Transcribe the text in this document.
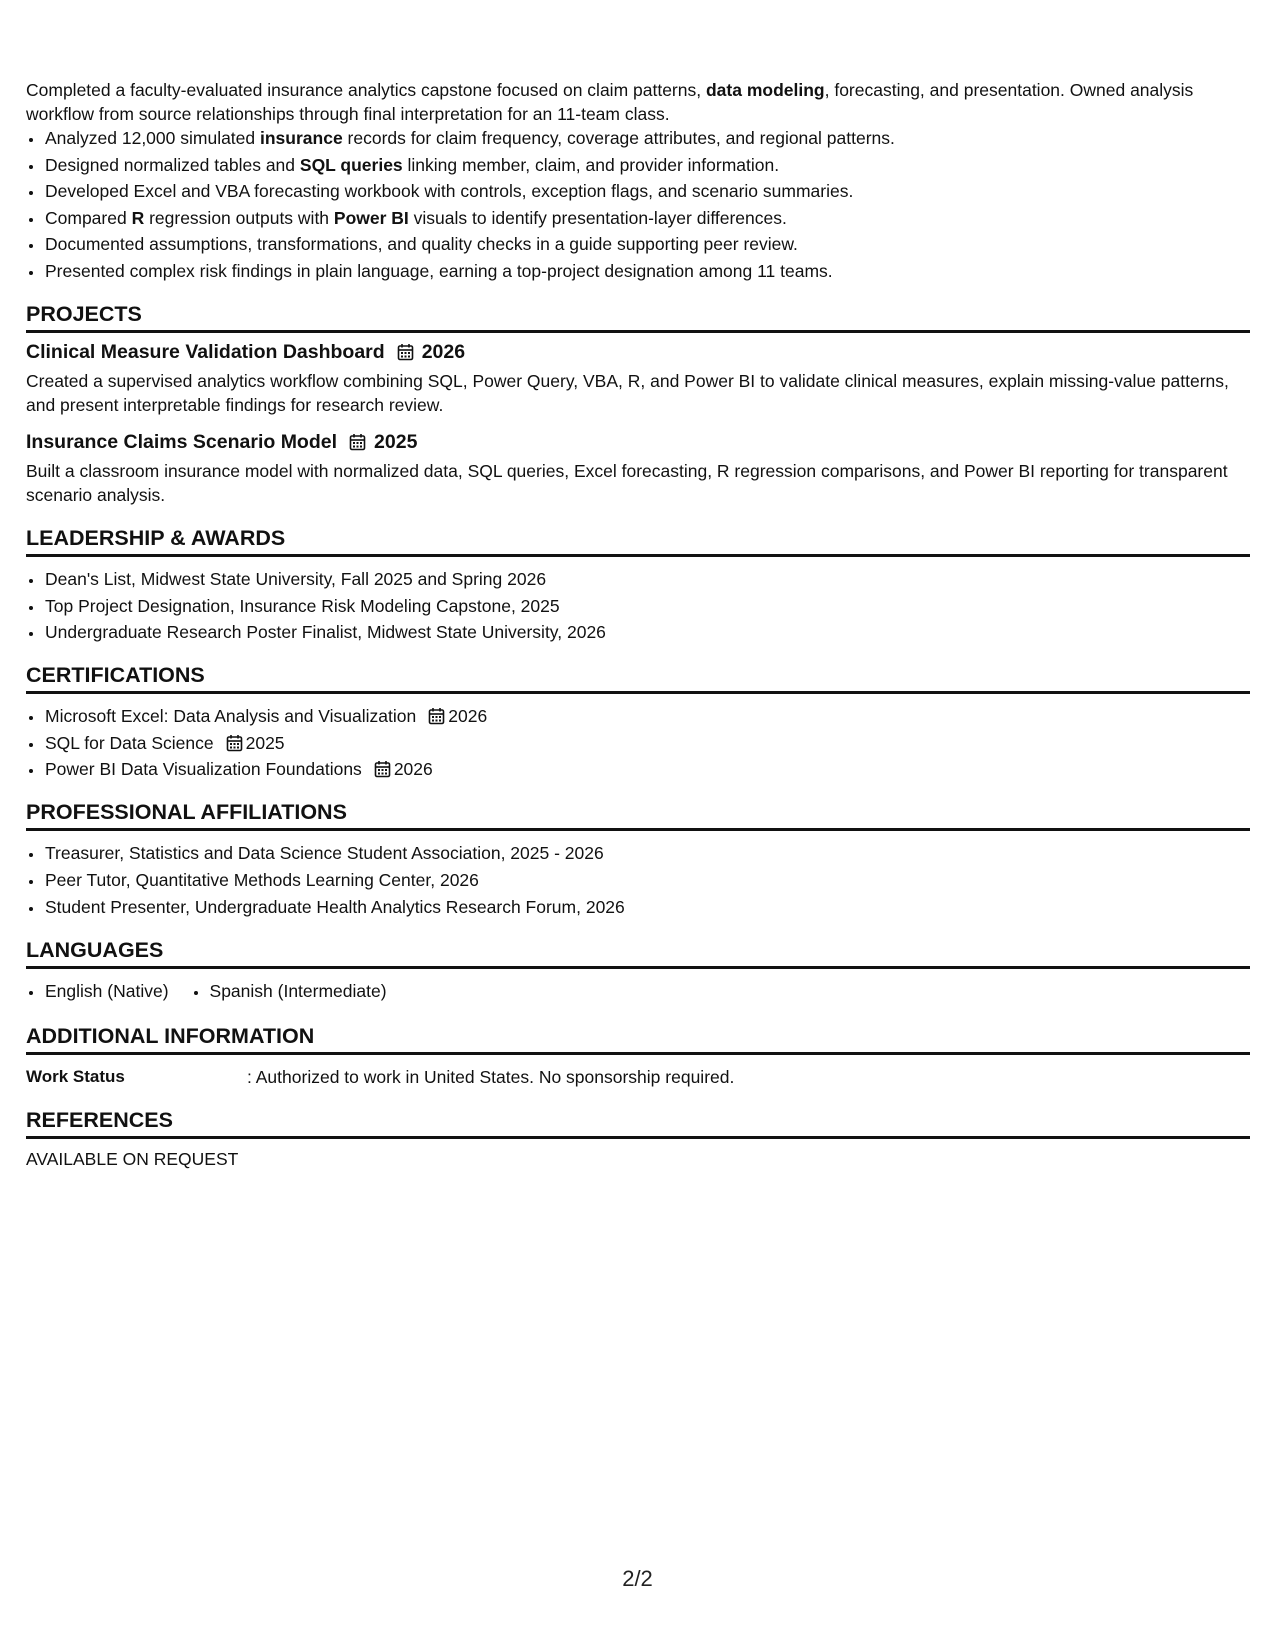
Completed a faculty-evaluated insurance analytics capstone focused on claim patterns, data modeling, forecasting, and presentation. Owned analysis workflow from source relationships through final interpretation for an 11-team class.

• Analyzed 12,000 simulated insurance records for claim frequency, coverage attributes, and regional patterns.
• Designed normalized tables and SQL queries linking member, claim, and provider information.
• Developed Excel and VBA forecasting workbook with controls, exception flags, and scenario summaries.
• Compared R regression outputs with Power BI visuals to identify presentation-layer differences.
• Documented assumptions, transformations, and quality checks in a guide supporting peer review.
• Presented complex risk findings in plain language, earning a top-project designation among 11 teams.
PROJECTS
Clinical Measure Validation Dashboard 2026

Created a supervised analytics workflow combining SQL, Power Query, VBA, R, and Power BI to validate clinical measures, explain missing-value patterns, and present interpretable findings for research review.

Insurance Claims Scenario Model 2025

Built a classroom insurance model with normalized data, SQL queries, Excel forecasting, R regression comparisons, and Power BI reporting for transparent scenario analysis.

LEADERSHIP & AWARDS
• Dean's List, Midwest State University, Fall 2025 and Spring 2026
• Top Project Designation, Insurance Risk Modeling Capstone, 2025
• Undergraduate Research Poster Finalist, Midwest State University, 2026
CERTIFICATIONS
• Microsoft Excel: Data Analysis and Visualization 2026
• SQL for Data Science 2025
• Power BI Data Visualization Foundations 2026
PROFESSIONAL AFFILIATIONS
• Treasurer, Statistics and Data Science Student Association, 2025 - 2026
• Peer Tutor, Quantitative Methods Learning Center, 2026
• Student Presenter, Undergraduate Health Analytics Research Forum, 2026
LANGUAGES
• English (Native)
• Spanish (Intermediate)
ADDITIONAL INFORMATION
Work Status	: Authorized to work in United States. No sponsorship required.
REFERENCES
AVAILABLE ON REQUEST
2/2
